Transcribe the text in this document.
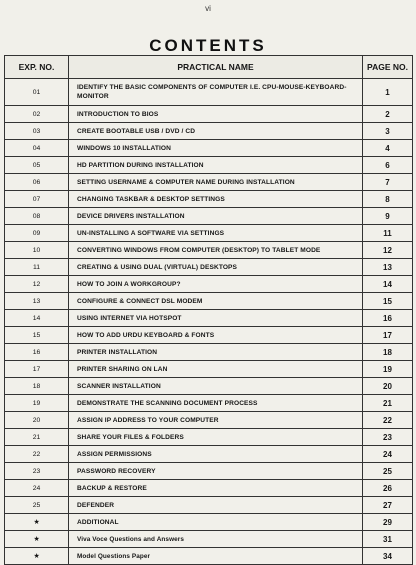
vi
CONTENTS
EXP. NO.	PRACTICAL NAME	PAGE NO.
01	IDENTIFY THE BASIC COMPONENTS OF COMPUTER I.E. CPU-MOUSE-KEYBOARD-MONITOR	1
02	INTRODUCTION TO BIOS	2
03	CREATE BOOTABLE USB / DVD / CD	3
04	WINDOWS 10 INSTALLATION	4
05	HD PARTITION DURING INSTALLATION	6
06	SETTING USERNAME & COMPUTER NAME DURING INSTALLATION	7
07	CHANGING TASKBAR & DESKTOP SETTINGS	8
08	DEVICE DRIVERS INSTALLATION	9
09	UN-INSTALLING A SOFTWARE VIA SETTINGS	11
10	CONVERTING WINDOWS FROM COMPUTER (DESKTOP) TO TABLET MODE	12
11	CREATING & USING DUAL (VIRTUAL) DESKTOPS	13
12	HOW TO JOIN A WORKGROUP?	14
13	CONFIGURE & CONNECT DSL MODEM	15
14	USING INTERNET VIA HOTSPOT	16
15	HOW TO ADD URDU KEYBOARD & FONTS	17
16	PRINTER INSTALLATION	18
17	PRINTER SHARING ON LAN	19
18	SCANNER INSTALLATION	20
19	DEMONSTRATE THE SCANNING DOCUMENT PROCESS	21
20	ASSIGN IP ADDRESS TO YOUR COMPUTER	22
21	SHARE YOUR FILES & FOLDERS	23
22	ASSIGN PERMISSIONS	24
23	PASSWORD RECOVERY	25
24	BACKUP & RESTORE	26
25	DEFENDER	27
★	ADDITIONAL	29
★	Viva Voce Questions and Answers	31
★	Model Questions Paper	34
